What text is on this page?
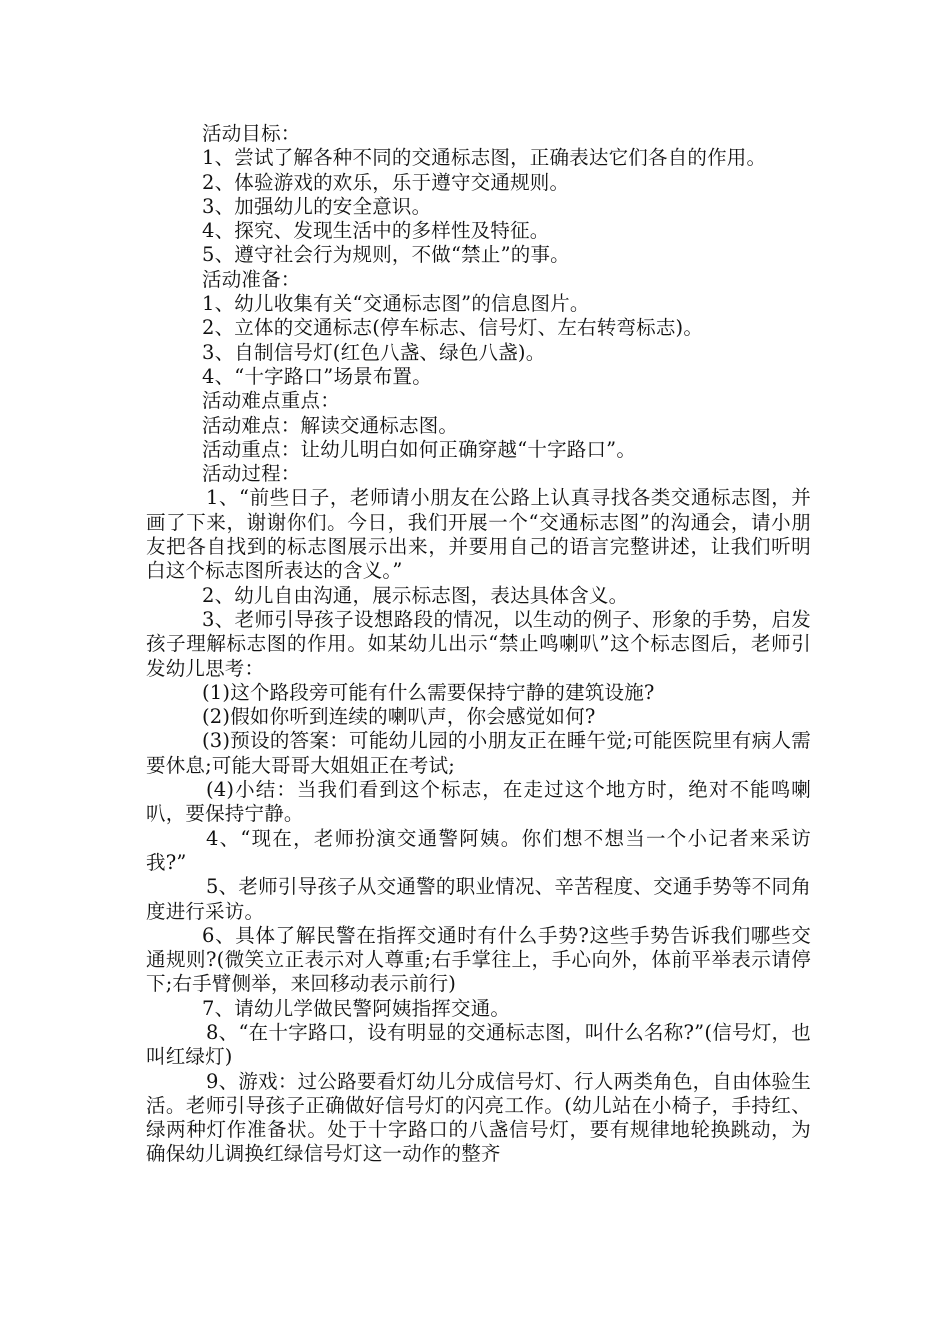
活动目标：

1、尝试了解各种不同的交通标志图，正确表达它们各自的作用。

2、体验游戏的欢乐，乐于遵守交通规则。

3、加强幼儿的安全意识。

4、探究、发现生活中的多样性及特征。

5、遵守社会行为规则，不做“禁止”的事。

活动准备：

1、幼儿收集有关“交通标志图”的信息图片。

2、立体的交通标志(停车标志、信号灯、左右转弯标志)。

3、自制信号灯(红色八盏、绿色八盏)。

4、“十字路口”场景布置。

活动难点重点：

活动难点：解读交通标志图。

活动重点：让幼儿明白如何正确穿越“十字路口”。

活动过程：

1、“前些日子，老师请小朋友在公路上认真寻找各类交通标志图，并画了下来，谢谢你们。今日，我们开展一个“交通标志图”的沟通会，请小朋友把各自找到的标志图展示出来，并要用自己的语言完整讲述，让我们听明白这个标志图所表达的含义。”

2、幼儿自由沟通，展示标志图，表达具体含义。

3、老师引导孩子设想路段的情况，以生动的例子、形象的手势，启发孩子理解标志图的作用。如某幼儿出示“禁止鸣喇叭”这个标志图后，老师引发幼儿思考：

(1)这个路段旁可能有什么需要保持宁静的建筑设施?

(2)假如你听到连续的喇叭声，你会感觉如何?

(3)预设的答案：可能幼儿园的小朋友正在睡午觉;可能医院里有病人需要休息;可能大哥哥大姐姐正在考试;

(4)小结：当我们看到这个标志，在走过这个地方时，绝对不能鸣喇叭，要保持宁静。

4、“现在，老师扮演交通警阿姨。你们想不想当一个小记者来采访我?”

5、老师引导孩子从交通警的职业情况、辛苦程度、交通手势等不同角度进行采访。

6、具体了解民警在指挥交通时有什么手势?这些手势告诉我们哪些交通规则?(微笑立正表示对人尊重;右手掌往上，手心向外，体前平举表示请停下;右手臂侧举，来回移动表示前行)

7、请幼儿学做民警阿姨指挥交通。

8、“在十字路口，设有明显的交通标志图，叫什么名称?”(信号灯，也叫红绿灯)

9、游戏：过公路要看灯幼儿分成信号灯、行人两类角色，自由体验生活。老师引导孩子正确做好信号灯的闪亮工作。(幼儿站在小椅子，手持红、绿两种灯作准备状。处于十字路口的八盏信号灯，要有规律地轮换跳动，为确保幼儿调换红绿信号灯这一动作的整齐
